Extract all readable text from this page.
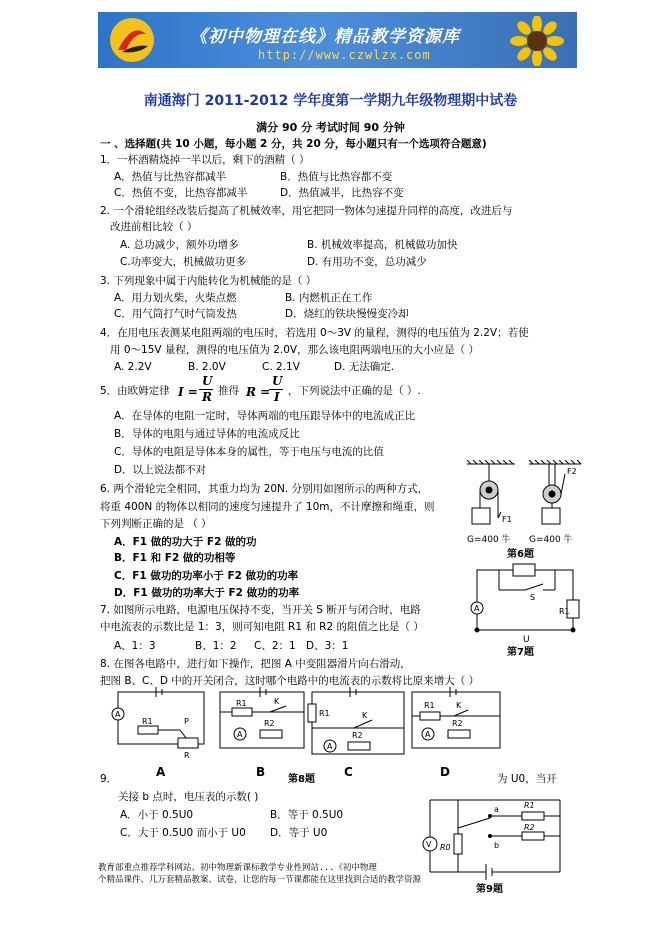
《初中物理在线》精品教学资源库
http://www.czwlzx.com
南通海门 2011-2012 学年度第一学期九年级物理期中试卷
满分 90 分 考试时间 90 分钟
一 、选择题(共 10 小题，每小题 2 分，共 20 分，每小题只有一个选项符合题意)
1．一杯酒精烧掉一半以后，剩下的酒精（ ）
A．热值与比热容都减半	B．热值与比热容都不变
C．热值不变，比热容都减半	D．热值减半，比热容不变
2. 一个滑轮组经改装后提高了机械效率，用它把同一物体匀速提升同样的高度，改进后与
改进前相比较（ ）
A. 总功减少，额外功增多	B. 机械效率提高，机械做功加快
C.功率变大，机械做功更多	D. 有用功不变，总功减少
3. 下列现象中属于内能转化为机械能的是（ ）
A．用力划火柴，火柴点燃	B. 内燃机正在工作
C．用气筒打气时气筒发热	D．烧红的铁块慢慢变冷却
4．在用电压表测某电阻两端的电压时，若选用 0～3V 的量程，测得的电压值为 2.2V；若使
用 0～15V 量程，测得的电压值为 2.0V，那么该电阻两端电压的大小应是（ ）
A. 2.2V	B. 2.0V	C. 2.1V	D. 无法确定.
5．由欧姆定律 I =
U
R 推得 R =
U
I ，下列说法中正确的是（ ）.
A．在导体的电阻一定时，导体两端的电压跟导体中的电流成正比
B．导体的电阻与通过导体的电流成反比
C．导体的电阻是导体本身的属性，等于电压与电流的比值
D．以上说法都不对
6. 两个滑轮完全相同，其重力均为 20N. 分别用如图所示的两种方式，
将重 400N 的物体以相同的速度匀速提升了 10m，不计摩擦和绳重，则
下列判断正确的是 （ ）
A．F1 做的功大于 F2 做的功
B．F1 和 F2 做的功相等
C．F1 做功的功率小于 F2 做功的功率
D．F1 做功的功率大于 F2 做功的功率
F1
F2
G=400 ​牛 G=400 牛
第6题
7. 如图所示电路，电源电压保持不变，当开关 S 断开与闭合时，电路
中电流表的示数比是 1：3，则可知电阻 R1 和 R2 的阻值之比是（ ）
A、1：3	B、1：2 C、2：1 D、3：1
S
A	R1
U
第7题
8. 在图各电路中，进行如下操作，把图 A 中变阻器滑片向右滑动，
把图 B、C、D 中的开关闭合，这时哪个电路中的电流表的示数将比原来增大（ ）
A
R1	P
R
R1	K
A
R2
R1	K
A
R2
R1	K
A
R2
A	B	C	D
第8题
9．	为 U0，当开
关接 b 点时，电压表的示数( )
A．小于 0.5U0	B．等于 0.5U0
C．大于 0.5U0 而小于 U0 D．等于 U0
a
b
R1
R2
R0
V
第9题
教育部重点推荐学科网站、初中物理新课标教学专业性网站...《初中物理
个精品课件、几万套精品教案、试卷，让您的每一节课都能在这里找到合适的教学资源
